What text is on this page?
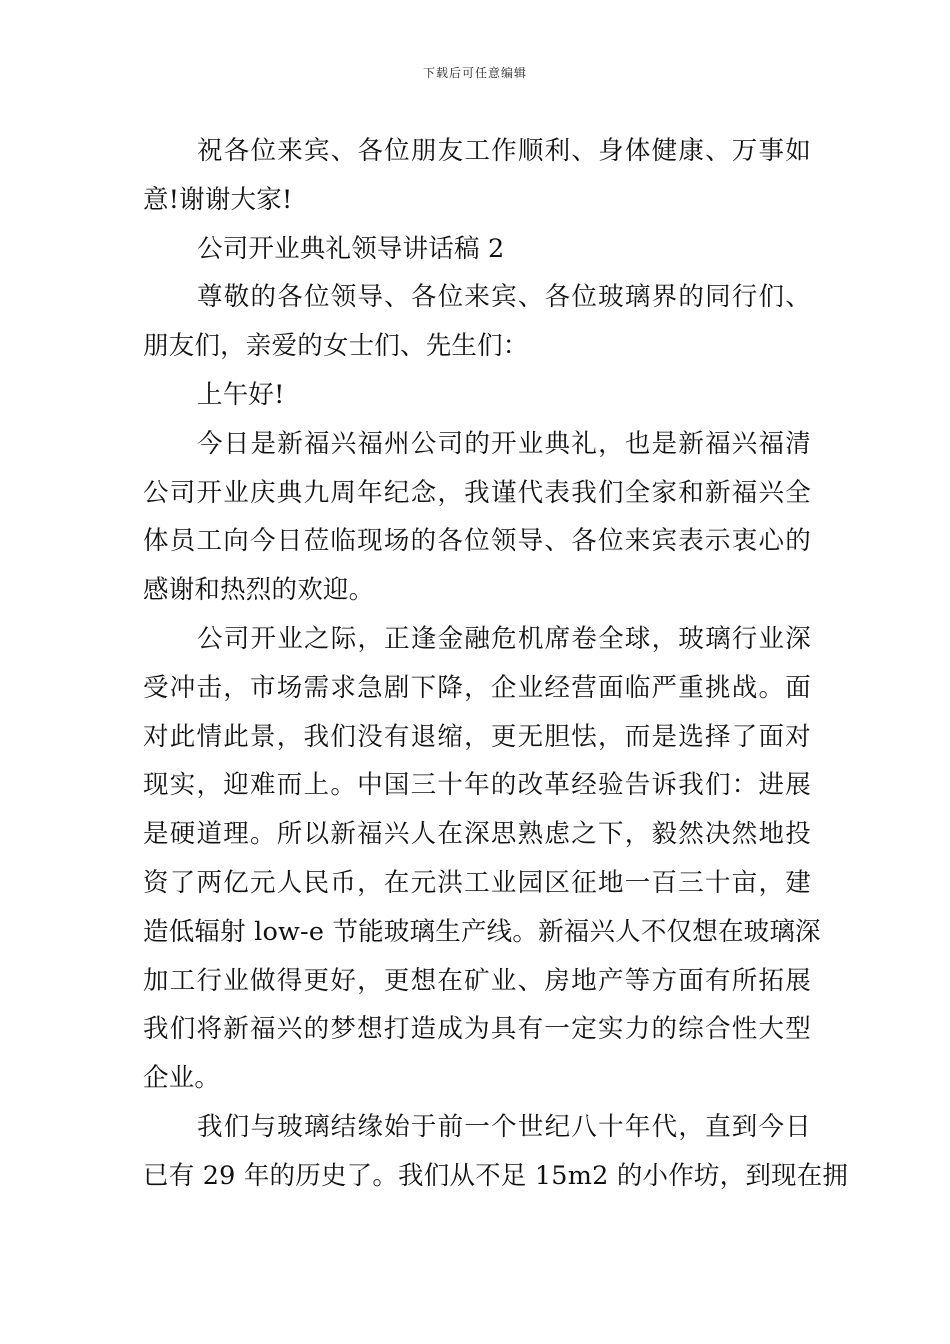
下载后可任意编辑
祝各位来宾、各位朋友工作顺利、身体健康、万事如
意!谢谢大家!
公司开业典礼领导讲话稿 2
尊敬的各位领导、各位来宾、各位玻璃界的同行们、
朋友们，亲爱的女士们、先生们：
上午好!
今日是新福兴福州公司的开业典礼，也是新福兴福清
公司开业庆典九周年纪念，我谨代表我们全家和新福兴全
体员工向今日莅临现场的各位领导、各位来宾表示衷心的
感谢和热烈的欢迎。
公司开业之际，正逢金融危机席卷全球，玻璃行业深
受冲击，市场需求急剧下降，企业经营面临严重挑战。面
对此情此景，我们没有退缩，更无胆怯，而是选择了面对
现实，迎难而上。中国三十年的改革经验告诉我们：进展
是硬道理。所以新福兴人在深思熟虑之下，毅然决然地投
资了两亿元人民币，在元洪工业园区征地一百三十亩，建
造低辐射 low-e 节能玻璃生产线。新福兴人不仅想在玻璃深
加工行业做得更好，更想在矿业、房地产等方面有所拓展
我们将新福兴的梦想打造成为具有一定实力的综合性大型
企业。
我们与玻璃结缘始于前一个世纪八十年代，直到今日
已有 29 年的历史了。我们从不足 15m2 的小作坊，到现在拥
